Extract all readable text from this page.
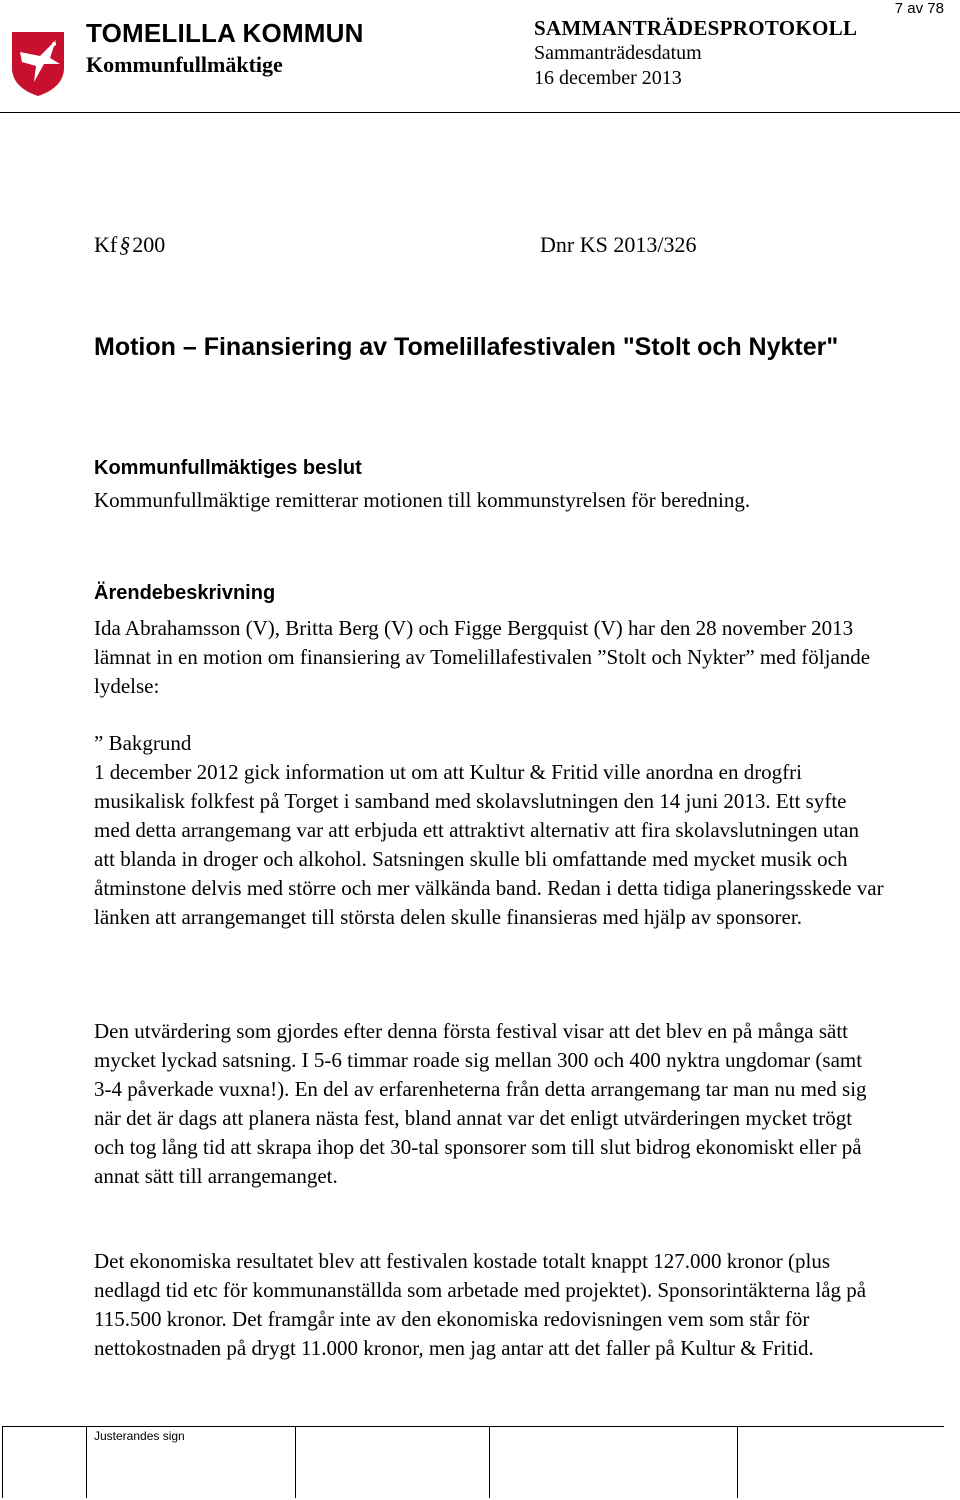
7 av 78
TOMELILLA KOMMUN
Kommunfullmäktige
SAMMANTRÄDESPROTOKOLL
Sammanträdesdatum
16 december 2013
Kf§200	Dnr KS 2013/326
Motion – Finansiering av Tomelillafestivalen "Stolt och Nykter"
Kommunfullmäktiges beslut
Kommunfullmäktige remitterar motionen till kommunstyrelsen för beredning.
Ärendebeskrivning
Ida Abrahamsson (V), Britta Berg (V) och Figge Bergquist (V) har den 28 november 2013 lämnat in en motion om finansiering av Tomelillafestivalen ”Stolt och Nykter” med följande lydelse:
” Bakgrund
1 december 2012 gick information ut om att Kultur & Fritid ville anordna en drogfri musikalisk folkfest på Torget i samband med skolavslutningen den 14 juni 2013. Ett syfte med detta arrangemang var att erbjuda ett attraktivt alternativ att fira skolavslutningen utan att blanda in droger och alkohol. Satsningen skulle bli omfattande med mycket musik och åtminstone delvis med större och mer välkända band. Redan i detta tidiga planeringsskede var länken att arrangemanget till största delen skulle finansieras med hjälp av sponsorer.
Den utvärdering som gjordes efter denna första festival visar att det blev en på många sätt mycket lyckad satsning. I 5-6 timmar roade sig mellan 300 och 400 nyktra ungdomar (samt 3-4 påverkade vuxna!). En del av erfarenheterna från detta arrangemang tar man nu med sig när det är dags att planera nästa fest, bland annat var det enligt utvärderingen mycket trögt och tog lång tid att skrapa ihop det 30-tal sponsorer som till slut bidrog ekonomiskt eller på annat sätt till arrangemanget.
Det ekonomiska resultatet blev att festivalen kostade totalt knappt 127.000 kronor (plus nedlagd tid etc för kommunanställda som arbetade med projektet). Sponsorintäkterna låg på 115.500 kronor. Det framgår inte av den ekonomiska redovisningen vem som står för nettokostnaden på drygt 11.000 kronor, men jag antar att det faller på Kultur & Fritid.
Justerandes sign
